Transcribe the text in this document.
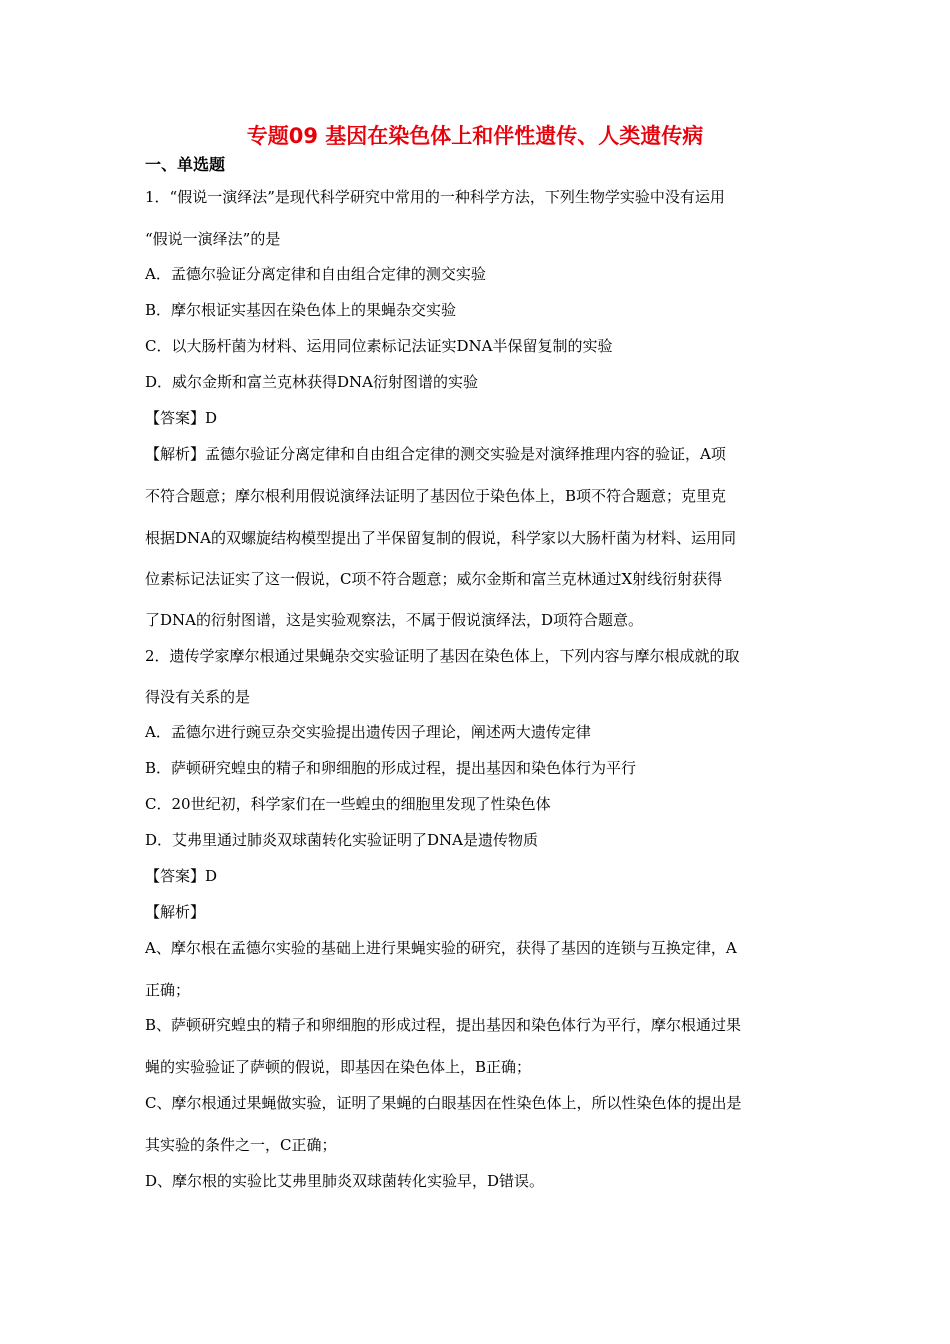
专题09 基因在染色体上和伴性遗传、人类遗传病
一、单选题
1．“假说一演绎法”是现代科学研究中常用的一种科学方法，下列生物学实验中没有运用
“假说一演绎法”的是
A．孟德尔验证分离定律和自由组合定律的测交实验
B．摩尔根证实基因在染色体上的果蝇杂交实验
C．以大肠杆菌为材料、运用同位素标记法证实DNA半保留复制的实验
D．威尔金斯和富兰克林获得DNA衍射图谱的实验
【答案】D
【解析】孟德尔验证分离定律和自由组合定律的测交实验是对演绎推理内容的验证，A项
不符合题意；摩尔根利用假说演绎法证明了基因位于染色体上，B项不符合题意；克里克
根据DNA的双螺旋结构模型提出了半保留复制的假说，科学家以大肠杆菌为材料、运用同
位素标记法证实了这一假说，C项不符合题意；威尔金斯和富兰克林通过X射线衍射获得
了DNA的衍射图谱，这是实验观察法，不属于假说演绎法，D项符合题意。
2．遗传学家摩尔根通过果蝇杂交实验证明了基因在染色体上，下列内容与摩尔根成就的取
得没有关系的是
A．孟德尔进行豌豆杂交实验提出遗传因子理论，阐述两大遗传定律
B．萨顿研究蝗虫的精子和卵细胞的形成过程，提出基因和染色体行为平行
C．20世纪初，科学家们在一些蝗虫的细胞里发现了性染色体
D．艾弗里通过肺炎双球菌转化实验证明了DNA是遗传物质
【答案】D
【解析】
A、摩尔根在孟德尔实验的基础上进行果蝇实验的研究，获得了基因的连锁与互换定律，A
正确；
B、萨顿研究蝗虫的精子和卵细胞的形成过程，提出基因和染色体行为平行，摩尔根通过果
蝇的实验验证了萨顿的假说，即基因在染色体上，B正确；
C、摩尔根通过果蝇做实验，证明了果蝇的白眼基因在性染色体上，所以性染色体的提出是
其实验的条件之一，C正确；
D、摩尔根的实验比艾弗里肺炎双球菌转化实验早，D错误。
